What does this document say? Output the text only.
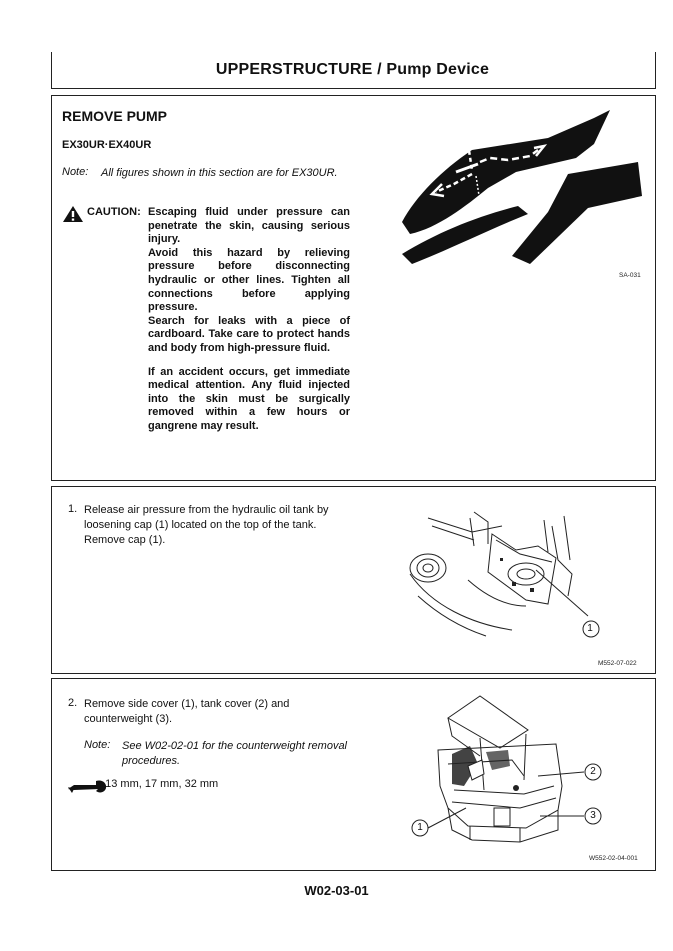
UPPERSTRUCTURE / Pump Device
REMOVE PUMP
EX30UR·EX40UR
Note: All figures shown in this section are for EX30UR.
CAUTION: Escaping fluid under pressure can penetrate the skin, causing serious injury.

Avoid this hazard by relieving pressure before disconnecting hydraulic or other lines. Tighten all connections before applying pressure.

Search for leaks with a piece of cardboard. Take care to protect hands and body from high-pressure fluid.

If an accident occurs, get immediate medical attention. Any fluid injected into the skin must be surgically removed within a few hours or gangrene may result.

SA-031
1. Release air pressure from the hydraulic oil tank by loosening cap (1) located on the top of the tank. Remove cap (1).
1
M552-07-022
2. Remove side cover (1), tank cover (2) and counterweight (3).
Note: See W02-02-01 for the counterweight removal procedures.
: 13 mm, 17 mm, 32 mm
2
3
1
W552-02-04-001
W02-03-01
